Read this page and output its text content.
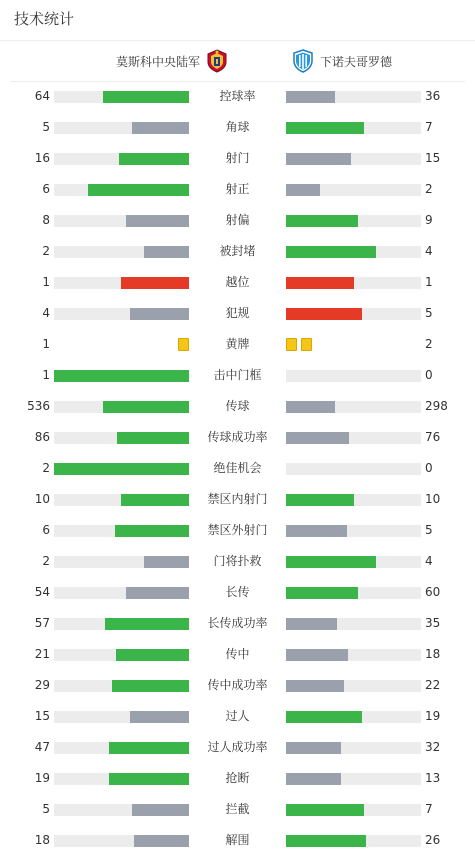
技术统计
莫斯科中央陆军	下诺夫哥罗德
64	控球率	36
5	角球	7
16	射门	15
6	射正	2
8	射偏	9
2	被封堵	4
1	越位	1
4	犯规	5
1	黄牌	2
1	击中门框	0
536	传球	298
86	传球成功率	76
2	绝佳机会	0
10	禁区内射门	10
6	禁区外射门	5
2	门将扑救	4
54	长传	60
57	长传成功率	35
21	传中	18
29	传中成功率	22
15	过人	19
47	过人成功率	32
19	抢断	13
5	拦截	7
18	解围	26
